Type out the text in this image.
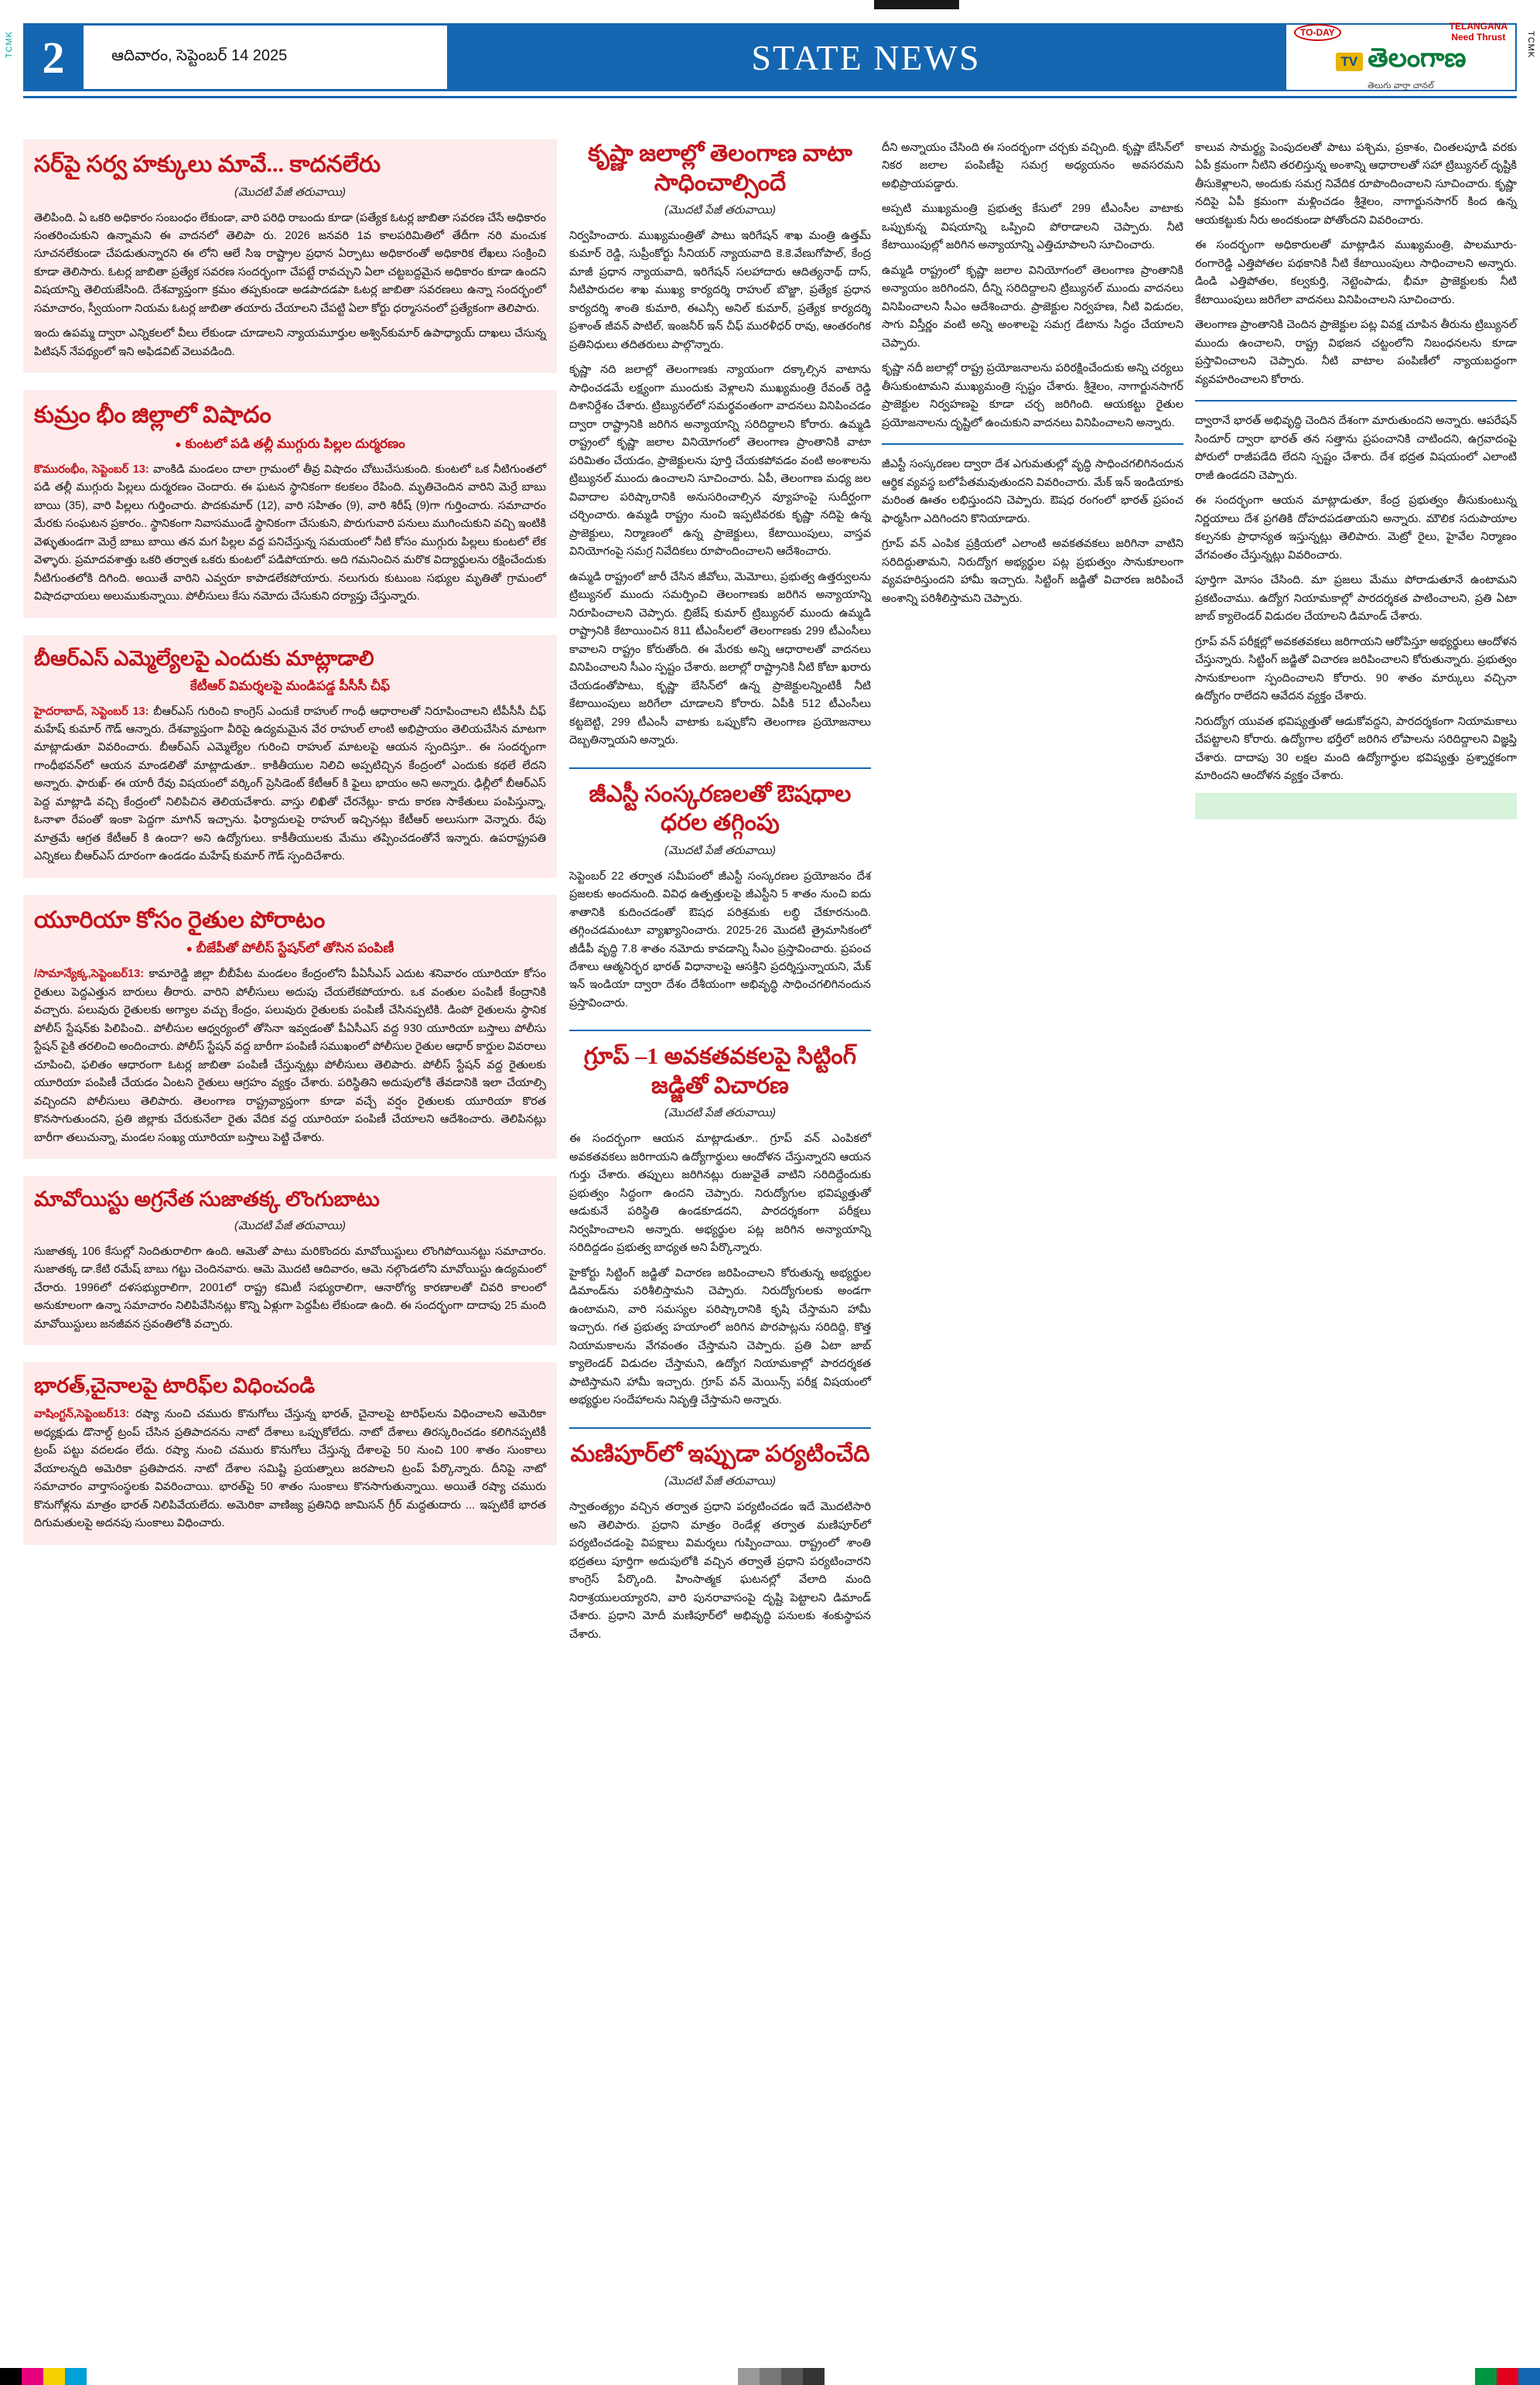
TCMK	TCMK
2	ఆదివారం, సెప్టెంబర్ 14 2025	STATE NEWS
TO-DAY
TELANGANA
Need Thrust
TV తెలంగాణ
తెలుగు వార్తా చానల్
సర్‌పై సర్వ హక్కులు మావే... కాదనలేరు
(మొదటి పేజీ తరువాయి)

తెలిపింది. ఏ ఒకరి అధికారం సంబంధం లేకుండా, వారి పరిధి రాబందు కూడా (పత్యేక ఓటర్ల జాబితా సవరణ చేసే అధికారం సంతరించుకుని ఉన్నామని ఈ వాదనలో తెలిపా రు. 2026 జనవరి 1వ కాలపరిమితిలో తేదీగా నరి మంచుక సూచనలేకుండా చేపడుతున్నారని ఈ లోని ఆలే సిఇ రాష్ట్రాల ప్రధాన ఏర్పాటు అధికారంతో అధికారిక లేఖలు సంక్రించి కూడా తెలిసారు. ఓటర్ల జాబితా ప్రత్యేక సవరణ సందర్భంగా చేపట్టే రావచ్చుని ఏలా చట్టబద్దమైన అధికారం కూడా ఉందని విషయాన్ని తెలియజేసింది. దేశవ్యాప్తంగా క్రమం తప్పకుండా అడపాదడపా ఓటర్ల జాబితా సవరణలు ఉన్నా సందర్భంలో సమాచారం, స్వీయంగా నియమ ఓటర్ల జాబితా తయారు చేయాలని చేపట్టి ఏలా కోర్టు ధర్మాసనంలో ప్రత్యేకంగా తెలిపారు.

ఇందు ఉపమ్మ ద్వారా ఎన్నికలలో వీలు లేకుండా చూడాలని న్యాయమూర్తుల అశ్విన్‌కుమార్ ఉపాధ్యాయ్ దాఖలు చేసున్న పిటిషన్ నేపథ్యంలో ఇని అఫిడవిట్ వెలువడింది.

కుమ్రం భీం జిల్లాలో విషాదం
● కుంటలో పడి తల్లీ ముగ్గురు పిల్లల దుర్మరణం

కొమురంభీం, సెప్టెంబర్ 13: వాంకిడి మండలం దాలా గ్రామంలో తీవ్ర విషాదం చోటుచేసుకుంది. కుంటలో ఒక నీటిగుంతలో పడి తల్లీ ముగ్గురు పిల్లలు దుర్మరణం చెందారు. ఈ ఘటన స్థానికంగా కలకలం రేపింది. మృతిచెందిన వారిని మెర్రే బాబు బాయి (35), వారి పిల్లలు గుర్తించారు. పొదకుమార్ (12), వారి సహితం (9), వారి శిరీష్ (9)గా గుర్తించారు. సమాచారం మేరకు సంఘటన ప్రకారం.. స్థానికంగా నివాసముండే స్థానికంగా చేసుకుని, పొరుగువారి పనులు ముగించుకుని వచ్చి ఇంటికి వెళ్ళుతుండగా మెర్రే బాబు బాయి తన మగ పిల్లల వద్ద పనిచేస్తున్న సమయంలో నీటి కోసం ముగ్గురు పిల్లలు కుంటలో లేక వెళ్ళారు. ప్రమాదవశాత్తు ఒకరి తర్వాత ఒకరు కుంటలో పడిపోయారు. అది గమనించిన మరొక విద్యార్థులను రక్షించేందుకు నీటిగుంతలోకి దిగింది. అయితే వారిని ఎవ్వరూ కాపాడలేకపోయారు. నలుగురు కుటుంబ సభ్యుల మృతితో గ్రామంలో విషాదఛాయలు అలుముకున్నాయి. పోలీసులు కేసు నమోదు చేసుకుని దర్యాప్తు చేస్తున్నారు.

బీఆర్ఎస్ ఎమ్మెల్యేలపై ఎందుకు మాట్లాడాలి
కేటీఆర్ విమర్శలపై మండిపడ్డ పీసీసీ చీఫ్

హైదరాబాద్, సెప్టెంబర్ 13: బీఆర్ఎస్ గురించి కాంగ్రెస్ ఎందుకే రాహుల్ గాంధీ ఆధారాలతో నిరూపించాలని టీపీసీసీ చీఫ్ మహేష్ కుమార్ గౌడ్ ఆన్నారు. దేశవ్యాప్తంగా వీరిపై ఉద్యమమైన వేర రాహుల్ లాంటి అభిప్రాయం తెలియచేసిన మాటగా మాట్లాడుతూ వివరించారు. బీఆర్ఎస్ ఎమ్మెల్యేల గురించి రాహుల్ మాటలపై ఆయన స్పందిస్తూ.. ఈ సందర్భంగా గాంధీభవన్‌లో ఆయన మాండలితో మాట్లాడుతూ.. కాకితీయుల నిలిచి అప్పటిచ్చిన కేంద్రంలో ఎందుకు కథలే లేదని అన్నారు. ఫారుఖ్- ఈ యారీ రేవు విషయంలో వర్కింగ్ ప్రెసిడెంట్ కేటీఆర్ కి ఫైలు భాయం అని అన్నారు. ఢిల్లీలో బీఆర్ఎస్ పెద్ద మాట్లాడి వచ్చి కేంద్రంలో నిలిపిచిన తెలియచేశారు. వాస్తు లిఖితో చేరనేట్లు- కాదు కారణ సాకేతులు పంపిస్తున్నా, ఓనాళా రేపంతో ఇంకా పెద్దగా మాగిన్ ఇచ్చాను. ఫిర్యాదులపై రాహుల్ ఇచ్చినట్లు కేటీఆర్ అలుసుగా వెన్నారు. రేపు మాత్రమే ఆగ్రత కేటీఆర్ కి ఉందా? అని ఉద్యోగులు. కాకీతీయులకు మేము తప్పించడంతోనే ఇన్నారు. ఉపరాష్ట్రపతి ఎన్నికలు బీఆర్ఎస్ దూరంగా ఉండడం మహేష్ కుమార్ గౌడ్ స్పందిచేశారు.

యూరియా కోసం రైతుల పోరాటం
● బీజేపీతో పోలీస్ స్టేషన్‌లో తోసిన పంపిణీ

/సామాన్యేక్క,సెప్టెంబర్13: కామారెడ్డి జిల్లా బీబీపేట మండలం కేంద్రంలోని పీఏసీఎస్ ఎదుట శనివారం యూరియా కోసం రైతులు పెద్దఎత్తున బారులు తీరారు. వారిని పోలీసులు అదుపు చేయలేకపోయారు. ఒక వంతుల పంపిణీ కేంద్రానికి వచ్చారు. పలువురు రైతులకు అగ్యాల వచ్చు కేంద్రం, పలువురు రైతులకు పంపిణీ చేసినప్పటికి. డింపో రైతులను స్థానిక పోలీస్ స్టేషన్‌కు పిలిపించి.. పోలీసుల ఆధ్వర్యంలో తోసినా ఇవ్వడంతో పీఏసీఎస్ వద్ద 930 యూరియా బస్తాలు పోలీసు స్టేషన్ పైకి తరలించి అందించారు. పోలీస్ స్టేషన్ వద్ద బారీగా పంపిణీ సముఖంలో పోలీసుల రైతుల ఆధార్ కార్డుల వివరాలు చూపించి, ఫలితం ఆధారంగా ఓటర్ల జాబితా పంపిణీ చేస్తున్నట్లు పోలీసులు తెలిపారు. పోలీస్ స్టేషన్ వద్ద రైతులకు యూరియా పంపిణీ చేయడం ఏంటని రైతులు ఆగ్రహం వ్యక్తం చేశారు. పరిస్థితిని అదుపులోకి తేవడానికి ఇలా చేయాల్సి వచ్చిందని పోలీసులు తెలిపారు. తెలంగాణ రాష్ట్రవ్యాప్తంగా కూడా వచ్చే వర్షం రైతులకు యూరియా కొరత కొనసాగుతుందని, ప్రతి జిల్లాకు చేరుకునేలా రైతు వేదిక వద్ద యూరియా పంపిణీ చేయాలని ఆదేశించారు. తెలిపినట్లు బారీగా తలుచున్నా, మండల సంఖ్య యూరియా బస్తాలు పెట్టి చేశారు.

మావోయిస్టు అగ్రనేత సుజాతక్క లొంగుబాటు
(మొదటి పేజీ తరువాయి)

సుజాతక్క 106 కేసుల్లో నిందితురాలిగా ఉంది. ఆమెతో పాటు మరికొందరు మావోయిస్టులు లొంగిపోయినట్టు సమాచారం. సుజాతక్క డా.కేటి రమేష్ బాబు గట్టు చెందినవారు. ఆమె మొదటి ఆదివారం, ఆమె నల్గొండలోని మావోయిస్టు ఉద్యమంలో చేరారు. 1996లో దళసభ్యురాలిగా, 2001లో రాష్ట్ర కమిటీ సభ్యురాలిగా, ఆనారోగ్య కారణాలతో చివరి కాలంలో అనుకూలంగా ఉన్నా సమాచారం నిలిపివేసినట్లు కొన్ని ఏళ్లుగా పెద్దపీట లేకుండా ఉంది. ఈ సందర్భంగా దాదాపు 25 మంది మావోయిస్టులు జనజీవన స్రవంతిలోకి వచ్చారు.

భారత్,చైనాలపై టారిఫ్‌ల విధించండి

వాషింగ్టన్,సెప్టెంబర్13: రష్యా నుంచి చమురు కొనుగోలు చేస్తున్న భారత్, చైనాలపై టారిఫ్‌లను విధించాలని అమెరికా అధ్యక్షుడు డొనాల్డ్ ట్రంప్ చేసిన ప్రతిపాదనను నాటో దేశాలు ఒప్పుకోలేదు. నాటో దేశాలు తిరస్కరించడం కలిగినప్పటికీ ట్రంప్ పట్టు వదలడం లేదు. రష్యా నుంచి చమురు కొనుగోలు చేస్తున్న దేశాలపై 50 నుంచి 100 శాతం సుంకాలు వేయాలన్నది అమెరికా ప్రతిపాదన. నాటో దేశాల సమిష్టి ప్రయత్నాలు జరపాలని ట్రంప్ పేర్కొన్నారు. దీనిపై నాటో సమాచారం వార్తాసంస్థలకు వివరించాయి. భారత్‌పై 50 శాతం సుంకాలు కొనసాగుతున్నాయి. అయితే రష్యా చమురు కొనుగోళ్లను మాత్రం భారత్ నిలిపివేయలేదు. అమెరికా వాణిజ్య ప్రతినిధి జామిసన్ గ్రీర్ మద్దతుదారు ... ఇప్పటికే భారత దిగుమతులపై అదనపు సుంకాలు విధించారు.

కృష్ణా జలాల్లో తెలంగాణ వాటా సాధించాల్సిందే
(మొదటి పేజీ తరువాయి)

నిర్వహించారు. ముఖ్యమంత్రితో పాటు ఇరిగేషన్ శాఖ మంత్రి ఉత్తమ్ కుమార్ రెడ్డి, సుప్రీంకోర్టు సీనియర్ న్యాయవాది కె.కె.వేణుగోపాల్, కేంద్ర మాజీ ప్రధాన న్యాయవాది, ఇరిగేషన్ సలహాదారు ఆదిత్యనాథ్ దాస్, నీటిపారుదల శాఖ ముఖ్య కార్యదర్శి రాహుల్ బొజ్జా, ప్రత్యేక ప్రధాన కార్యదర్శి శాంతి కుమారి, ఈఎన్సీ అనిల్ కుమార్, ప్రత్యేక కార్యదర్శి ప్రశాంత్ జీవన్ పాటిల్, ఇంజనీర్ ఇన్ చీఫ్ మురళీధర్ రావు, ఆంతరంగిక ప్రతినిధులు తదితరులు పాల్గొన్నారు.

కృష్ణా నది జలాల్లో తెలంగాణకు న్యాయంగా దక్కాల్సిన వాటాను సాధించడమే లక్ష్యంగా ముందుకు వెళ్లాలని ముఖ్యమంత్రి రేవంత్ రెడ్డి దిశానిర్దేశం చేశారు. ట్రిబ్యునల్‌లో సమర్థవంతంగా వాదనలు వినిపించడం ద్వారా రాష్ట్రానికి జరిగిన అన్యాయాన్ని సరిదిద్దాలని కోరారు. ఉమ్మడి రాష్ట్రంలో కృష్ణా జలాల వినియోగంలో తెలంగాణ ప్రాంతానికి వాటా పరిమితం చేయడం, ప్రాజెక్టులను పూర్తి చేయకపోవడం వంటి అంశాలను ట్రిబ్యునల్ ముందు ఉంచాలని సూచించారు. ఏపీ, తెలంగాణ మధ్య జల వివాదాల పరిష్కారానికి అనుసరించాల్సిన వ్యూహంపై సుదీర్ఘంగా చర్చించారు. ఉమ్మడి రాష్ట్రం నుంచి ఇప్పటివరకు కృష్ణా నదిపై ఉన్న ప్రాజెక్టులు, నిర్మాణంలో ఉన్న ప్రాజెక్టులు, కేటాయింపులు, వాస్తవ వినియోగంపై సమగ్ర నివేదికలు రూపొందించాలని ఆదేశించారు.

ఉమ్మడి రాష్ట్రంలో జారీ చేసిన జీవోలు, మెమోలు, ప్రభుత్వ ఉత్తర్వులను ట్రిబ్యునల్ ముందు సమర్పించి తెలంగాణకు జరిగిన అన్యాయాన్ని నిరూపించాలని చెప్పారు. బ్రిజేష్ కుమార్ ట్రిబ్యునల్ ముందు ఉమ్మడి రాష్ట్రానికి కేటాయించిన 811 టీఎంసీలలో తెలంగాణకు 299 టీఎంసీలు కావాలని రాష్ట్రం కోరుతోంది. ఈ మేరకు అన్ని ఆధారాలతో వాదనలు వినిపించాలని సీఎం స్పష్టం చేశారు. జలాల్లో రాష్ట్రానికి నీటి కోటా ఖరారు చేయడంతోపాటు, కృష్ణా బేసిన్‌లో ఉన్న ప్రాజెక్టులన్నింటికీ నీటి కేటాయింపులు జరిగేలా చూడాలని కోరారు. ఏపీకి 512 టీఎంసీలు కట్టబెట్టి, 299 టీఎంసీ వాటాకు ఒప్పుకోని తెలంగాణ ప్రయోజనాలు దెబ్బతిన్నాయని అన్నారు.

జీఎస్టీ సంస్కరణలతో ఔషధాల ధరల తగ్గింపు
(మొదటి పేజీ తరువాయి)

సెప్టెంబర్ 22 తర్వాత సమీపంలో జీఎస్టీ సంస్కరణల ప్రయోజనం దేశ ప్రజలకు అందనుంది. వివిధ ఉత్పత్తులపై జీఎస్టీని 5 శాతం నుంచి ఐదు శాతానికి కుదించడంతో ఔషధ పరిశ్రమకు లబ్ధి చేకూరనుంది. తగ్గించడమంటూ వ్యాఖ్యానించారు. 2025-26 మొదటి త్రైమాసికంలో జీడీపీ వృద్ధి 7.8 శాతం నమోదు కావడాన్ని సీఎం ప్రస్తావించారు. ప్రపంచ దేశాలు ఆత్మనిర్భర భారత్ విధానాలపై ఆసక్తిని ప్రదర్శిస్తున్నాయని, మేక్ ఇన్ ఇండియా ద్వారా దేశం దేశీయంగా అభివృద్ధి సాధించగలిగినందున ప్రస్తావించారు.

గ్రూప్ –1 అవకతవకలపై సిట్టింగ్ జడ్జితో విచారణ
(మొదటి పేజీ తరువాయి)

ఈ సందర్భంగా ఆయన మాట్లాడుతూ.. గ్రూప్ వన్ ఎంపికలో అవకతవకలు జరిగాయని ఉద్యోగార్థులు ఆందోళన చేస్తున్నారని ఆయన గుర్తు చేశారు. తప్పులు జరిగినట్లు రుజువైతే వాటిని సరిదిద్దేందుకు ప్రభుత్వం సిద్ధంగా ఉందని చెప్పారు. నిరుద్యోగుల భవిష్యత్తుతో ఆడుకునే పరిస్థితి ఉండకూడదని, పారదర్శకంగా పరీక్షలు నిర్వహించాలని అన్నారు. అభ్యర్థుల పట్ల జరిగిన అన్యాయాన్ని సరిదిద్దడం ప్రభుత్వ బాధ్యత అని పేర్కొన్నారు.

హైకోర్టు సిట్టింగ్ జడ్జితో విచారణ జరిపించాలని కోరుతున్న అభ్యర్థుల డిమాండ్‌ను పరిశీలిస్తామని చెప్పారు. నిరుద్యోగులకు అండగా ఉంటామని, వారి సమస్యల పరిష్కారానికి కృషి చేస్తామని హామీ ఇచ్చారు. గత ప్రభుత్వ హయాంలో జరిగిన పొరపాట్లను సరిదిద్ది, కొత్త నియామకాలను వేగవంతం చేస్తామని చెప్పారు. ప్రతి ఏటా జాబ్ క్యాలెండర్ విడుదల చేస్తామని, ఉద్యోగ నియామకాల్లో పారదర్శకత పాటిస్తామని హామీ ఇచ్చారు. గ్రూప్ వన్ మెయిన్స్ పరీక్ష విషయంలో అభ్యర్థుల సందేహాలను నివృత్తి చేస్తామని అన్నారు.

మణిపూర్‌లో ఇప్పుడా పర్యటించేది
(మొదటి పేజీ తరువాయి)

స్వాతంత్య్రం వచ్చిన తర్వాత ప్రధాని పర్యటించడం ఇదే మొదటిసారి అని తెలిపారు. ప్రధాని మాత్రం రెండేళ్ల తర్వాత మణిపూర్‌లో పర్యటించడంపై విపక్షాలు విమర్శలు గుప్పించాయి. రాష్ట్రంలో శాంతి భద్రతలు పూర్తిగా అదుపులోకి వచ్చిన తర్వాతే ప్రధాని పర్యటించారని కాంగ్రెస్ పేర్కొంది. హింసాత్మక ఘటనల్లో వేలాది మంది నిరాశ్రయులయ్యారని, వారి పునరావాసంపై దృష్టి పెట్టాలని డిమాండ్ చేశారు. ప్రధాని మోదీ మణిపూర్‌లో అభివృద్ధి పనులకు శంకుస్థాపన చేశారు.

దీని అన్నాయం చేసింది ఈ సందర్భంగా చర్చకు వచ్చింది. కృష్ణా బేసిన్‌లో నికర జలాల పంపిణీపై సమగ్ర అధ్యయనం అవసరమని అభిప్రాయపడ్డారు.

అప్పటి ముఖ్యమంత్రి ప్రభుత్వ కేసులో 299 టీఎంసీల వాటాకు ఒప్పుకున్న విషయాన్ని ఒప్పించి పోరాడాలని చెప్పారు. నీటి కేటాయింపుల్లో జరిగిన అన్యాయాన్ని ఎత్తిచూపాలని సూచించారు.

ఉమ్మడి రాష్ట్రంలో కృష్ణా జలాల వినియోగంలో తెలంగాణ ప్రాంతానికి అన్యాయం జరిగిందని, దీన్ని సరిదిద్దాలని ట్రిబ్యునల్ ముందు వాదనలు వినిపించాలని సీఎం ఆదేశించారు. ప్రాజెక్టుల నిర్వహణ, నీటి విడుదల, సాగు విస్తీర్ణం వంటి అన్ని అంశాలపై సమగ్ర డేటాను సిద్ధం చేయాలని చెప్పారు.

కృష్ణా నదీ జలాల్లో రాష్ట్ర ప్రయోజనాలను పరిరక్షించేందుకు అన్ని చర్యలు తీసుకుంటామని ముఖ్యమంత్రి స్పష్టం చేశారు. శ్రీశైలం, నాగార్జునసాగర్ ప్రాజెక్టుల నిర్వహణపై కూడా చర్చ జరిగింది. ఆయకట్టు రైతుల ప్రయోజనాలను దృష్టిలో ఉంచుకుని వాదనలు వినిపించాలని అన్నారు.

జీఎస్టీ సంస్కరణల ద్వారా దేశ ఎగుమతుల్లో వృద్ధి సాధించగలిగినందున ఆర్థిక వ్యవస్థ బలోపేతమవుతుందని వివరించారు. మేక్ ఇన్ ఇండియాకు మరింత ఊతం లభిస్తుందని చెప్పారు. ఔషధ రంగంలో భారత్ ప్రపంచ ఫార్మసీగా ఎదిగిందని కొనియాడారు.

గ్రూప్ వన్ ఎంపిక ప్రక్రియలో ఎలాంటి అవకతవకలు జరిగినా వాటిని సరిదిద్దుతామని, నిరుద్యోగ అభ్యర్థుల పట్ల ప్రభుత్వం సానుకూలంగా వ్యవహరిస్తుందని హామీ ఇచ్చారు. సిట్టింగ్ జడ్జితో విచారణ జరిపించే అంశాన్ని పరిశీలిస్తామని చెప్పారు.

కాలువ సామర్థ్య పెంపుదలతో పాటు పశ్చిమ, ప్రకాశం, చింతలపూడి వరకు ఏపీ క్రమంగా నీటిని తరలిస్తున్న అంశాన్ని ఆధారాలతో సహా ట్రిబ్యునల్ దృష్టికి తీసుకెళ్లాలని, అందుకు సమగ్ర నివేదిక రూపొందించాలని సూచించారు. కృష్ణా నదిపై ఏపీ క్రమంగా మళ్లించడం శ్రీశైలం, నాగార్జునసాగర్ కింద ఉన్న ఆయకట్టుకు నీరు అందకుండా పోతోందని వివరించారు.

ఈ సందర్భంగా అధికారులతో మాట్లాడిన ముఖ్యమంత్రి, పాలమూరు-రంగారెడ్డి ఎత్తిపోతల పథకానికి నీటి కేటాయింపులు సాధించాలని అన్నారు. డిండి ఎత్తిపోతల, కల్వకుర్తి, నెట్టెంపాడు, భీమా ప్రాజెక్టులకు నీటి కేటాయింపులు జరిగేలా వాదనలు వినిపించాలని సూచించారు.

తెలంగాణ ప్రాంతానికి చెందిన ప్రాజెక్టుల పట్ల వివక్ష చూపిన తీరును ట్రిబ్యునల్ ముందు ఉంచాలని, రాష్ట్ర విభజన చట్టంలోని నిబంధనలను కూడా ప్రస్తావించాలని చెప్పారు. నీటి వాటాల పంపిణీలో న్యాయబద్ధంగా వ్యవహరించాలని కోరారు.

ద్వారానే భారత్ అభివృద్ధి చెందిన దేశంగా మారుతుందని అన్నారు. ఆపరేషన్ సిందూర్ ద్వారా భారత్ తన సత్తాను ప్రపంచానికి చాటిందని, ఉగ్రవాదంపై పోరులో రాజీపడేది లేదని స్పష్టం చేశారు. దేశ భద్రత విషయంలో ఎలాంటి రాజీ ఉండదని చెప్పారు.

ఈ సందర్భంగా ఆయన మాట్లాడుతూ, కేంద్ర ప్రభుత్వం తీసుకుంటున్న నిర్ణయాలు దేశ ప్రగతికి దోహదపడతాయని అన్నారు. మౌలిక సదుపాయాల కల్పనకు ప్రాధాన్యత ఇస్తున్నట్లు తెలిపారు. మెట్రో రైలు, హైవేల నిర్మాణం వేగవంతం చేస్తున్నట్లు వివరించారు.

పూర్తిగా మోసం చేసింది. మా ప్రజలు మేము పోరాడుతూనే ఉంటామని ప్రకటించాము. ఉద్యోగ నియామకాల్లో పారదర్శకత పాటించాలని, ప్రతి ఏటా జాబ్ క్యాలెండర్ విడుదల చేయాలని డిమాండ్ చేశారు.

గ్రూప్ వన్ పరీక్షల్లో అవకతవకలు జరిగాయని ఆరోపిస్తూ అభ్యర్థులు ఆందోళన చేస్తున్నారు. సిట్టింగ్ జడ్జితో విచారణ జరిపించాలని కోరుతున్నారు. ప్రభుత్వం సానుకూలంగా స్పందించాలని కోరారు. 90 శాతం మార్కులు వచ్చినా ఉద్యోగం రాలేదని ఆవేదన వ్యక్తం చేశారు.

నిరుద్యోగ యువత భవిష్యత్తుతో ఆడుకోవద్దని, పారదర్శకంగా నియామకాలు చేపట్టాలని కోరారు. ఉద్యోగాల భర్తీలో జరిగిన లోపాలను సరిదిద్దాలని విజ్ఞప్తి చేశారు. దాదాపు 30 లక్షల మంది ఉద్యోగార్థుల భవిష్యత్తు ప్రశ్నార్థకంగా మారిందని ఆందోళన వ్యక్తం చేశారు.
